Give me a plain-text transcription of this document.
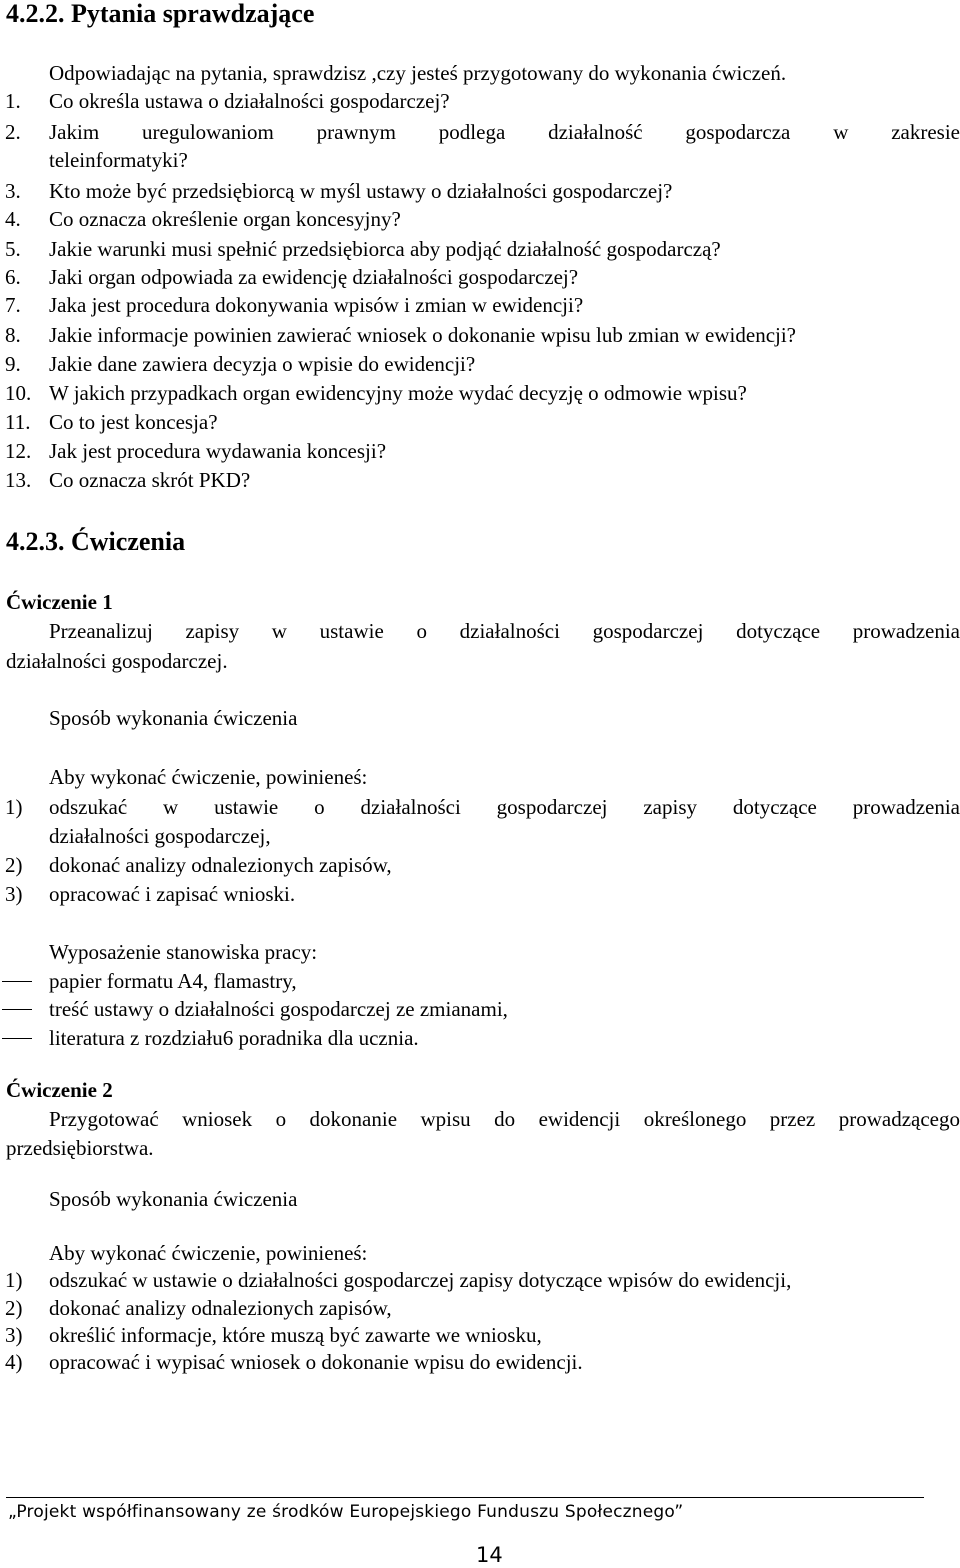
4.2.2. Pytania sprawdzające
Odpowiadając na pytania, sprawdzisz ,czy jesteś przygotowany do wykonania ćwiczeń.
1. Co określa ustawa o działalności gospodarczej?
2. Jakim uregulowaniom prawnym podlega działalność gospodarcza w zakresie
teleinformatyki?
3. Kto może być przedsiębiorcą w myśl ustawy o działalności gospodarczej?
4. Co oznacza określenie organ koncesyjny?
5. Jakie warunki musi spełnić przedsiębiorca aby podjąć działalność gospodarczą?
6. Jaki organ odpowiada za ewidencję działalności gospodarczej?
7. Jaka jest procedura dokonywania wpisów i zmian w ewidencji?
8. Jakie informacje powinien zawierać wniosek o dokonanie wpisu lub zmian w ewidencji?
9. Jakie dane zawiera decyzja o wpisie do ewidencji?
10. W jakich przypadkach organ ewidencyjny może wydać decyzję o odmowie wpisu?
11. Co to jest koncesja?
12. Jak jest procedura wydawania koncesji?
13. Co oznacza skrót PKD?
4.2.3. Ćwiczenia
Ćwiczenie 1
Przeanalizuj zapisy w ustawie o działalności gospodarczej dotyczące prowadzenia
działalności gospodarczej.
Sposób wykonania ćwiczenia
Aby wykonać ćwiczenie, powinieneś:
1) odszukać w ustawie o działalności gospodarczej zapisy dotyczące prowadzenia
działalności gospodarczej,
2) dokonać analizy odnalezionych zapisów,
3) opracować i zapisać wnioski.
Wyposażenie stanowiska pracy:
papier formatu A4, flamastry,
treść ustawy o działalności gospodarczej ze zmianami,
literatura z rozdziału6 poradnika dla ucznia.
Ćwiczenie 2
Przygotować wniosek o dokonanie wpisu do ewidencji określonego przez prowadzącego
przedsiębiorstwa.
Sposób wykonania ćwiczenia
Aby wykonać ćwiczenie, powinieneś:
1) odszukać w ustawie o działalności gospodarczej zapisy dotyczące wpisów do ewidencji,
2) dokonać analizy odnalezionych zapisów,
3) określić informacje, które muszą być zawarte we wniosku,
4) opracować i wypisać wniosek o dokonanie wpisu do ewidencji.
„Projekt współfinansowany ze środków Europejskiego Funduszu Społecznego”
14
